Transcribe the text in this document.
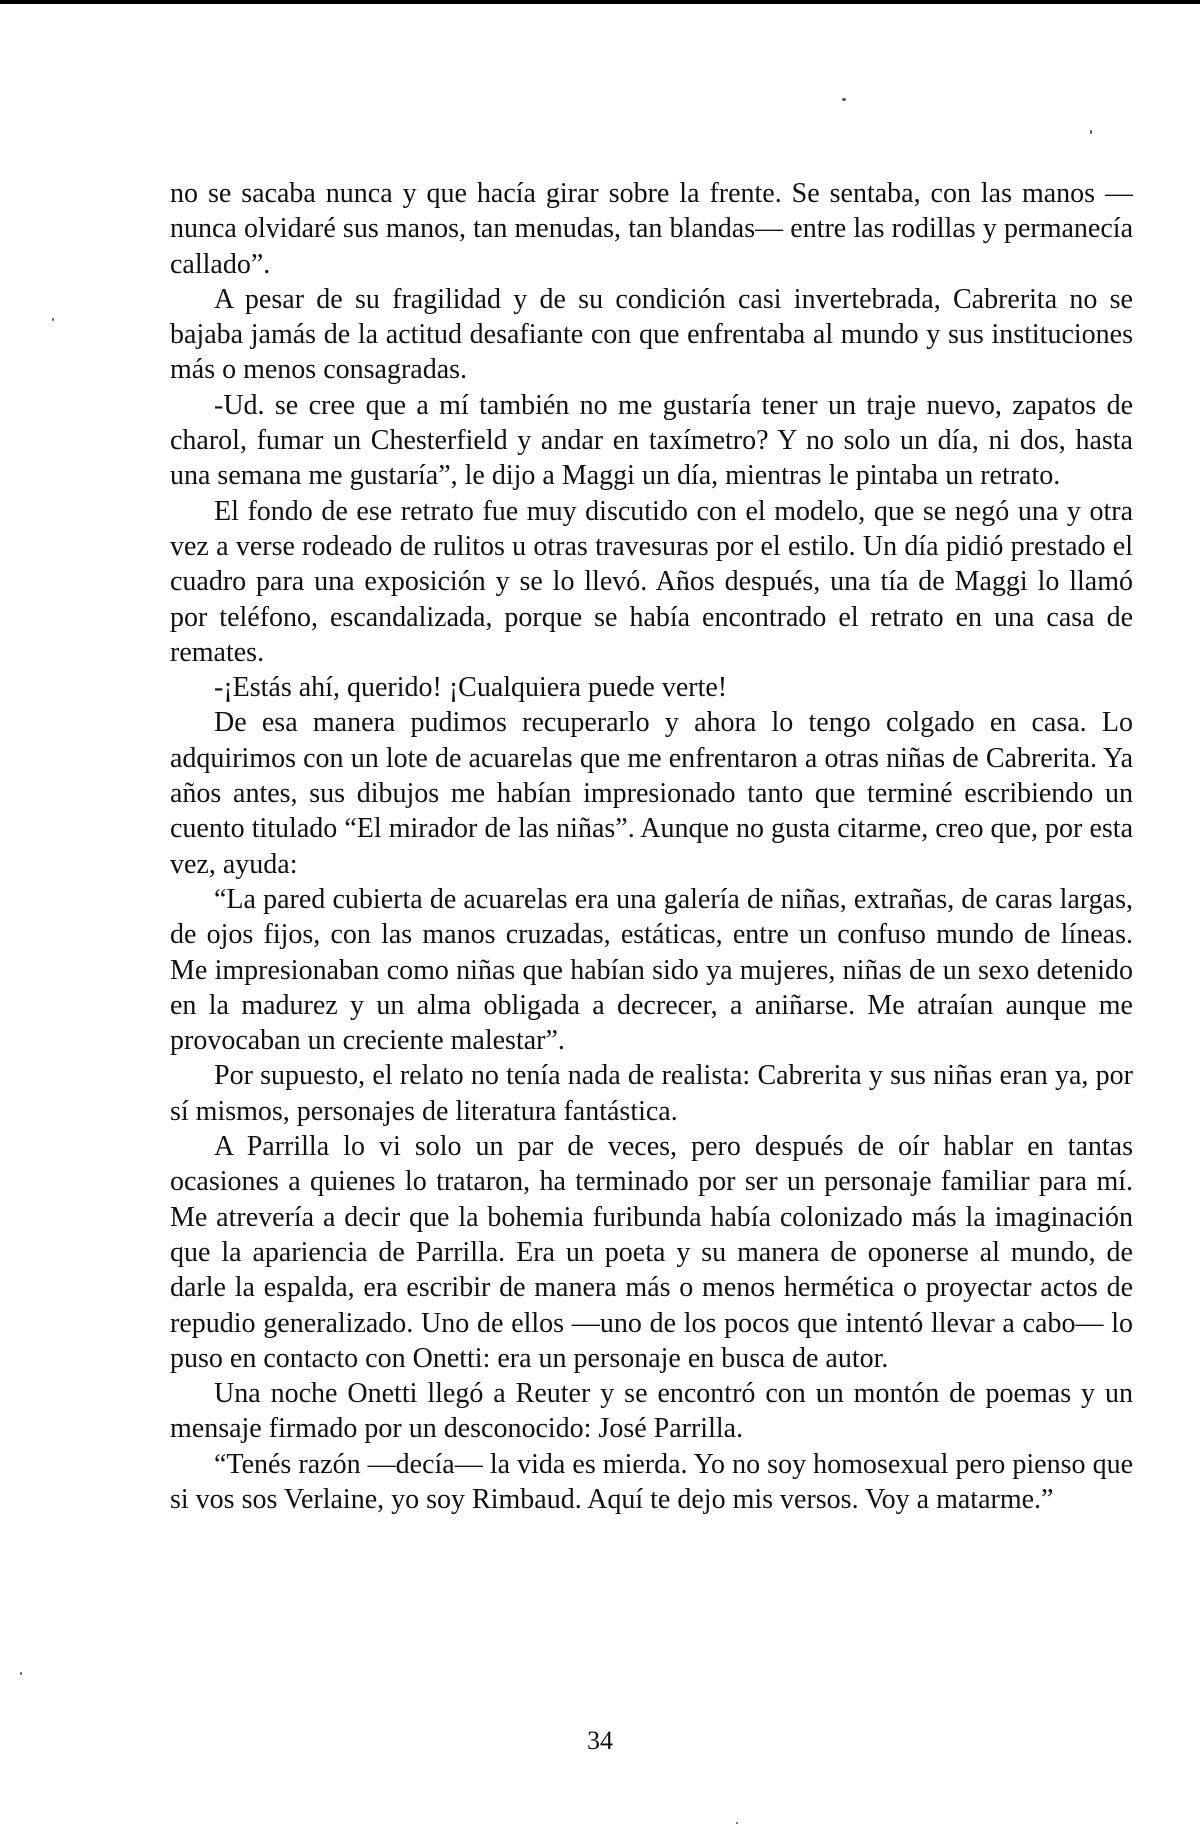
no se sacaba nunca y que hacía girar sobre la frente. Se sentaba, con las manos —nunca olvidaré sus manos, tan menudas, tan blandas— entre las rodillas y permanecía callado”.

A pesar de su fragilidad y de su condición casi invertebrada, Cabrerita no se bajaba jamás de la actitud desafiante con que enfrentaba al mundo y sus instituciones más o menos consagradas.

-Ud. se cree que a mí también no me gustaría tener un traje nuevo, zapatos de charol, fumar un Chesterfield y andar en taxímetro? Y no solo un día, ni dos, hasta una semana me gustaría”, le dijo a Maggi un día, mientras le pintaba un retrato.

El fondo de ese retrato fue muy discutido con el modelo, que se negó una y otra vez a verse rodeado de rulitos u otras travesuras por el estilo. Un día pidió prestado el cuadro para una exposición y se lo llevó. Años después, una tía de Maggi lo llamó por teléfono, escandalizada, porque se había encontrado el retrato en una casa de remates.

-¡Estás ahí, querido! ¡Cualquiera puede verte!

De esa manera pudimos recuperarlo y ahora lo tengo colgado en casa. Lo adquirimos con un lote de acuarelas que me enfrentaron a otras niñas de Cabrerita. Ya años antes, sus dibujos me habían impresionado tanto que terminé escribiendo un cuento titulado “El mirador de las niñas”. Aunque no gusta citarme, creo que, por esta vez, ayuda:

“La pared cubierta de acuarelas era una galería de niñas, extrañas, de caras largas, de ojos fijos, con las manos cruzadas, estáticas, entre un confuso mundo de líneas. Me impresionaban como niñas que habían sido ya mujeres, niñas de un sexo detenido en la madurez y un alma obligada a decrecer, a aniñarse. Me atraían aunque me provocaban un creciente malestar”.

Por supuesto, el relato no tenía nada de realista: Cabrerita y sus niñas eran ya, por sí mismos, personajes de literatura fantástica.

A Parrilla lo vi solo un par de veces, pero después de oír hablar en tantas ocasiones a quienes lo trataron, ha terminado por ser un personaje familiar para mí. Me atrevería a decir que la bohemia furibunda había colonizado más la imaginación que la apariencia de Parrilla. Era un poeta y su manera de oponerse al mundo, de darle la espalda, era escribir de manera más o menos hermética o proyectar actos de repudio generalizado. Uno de ellos —uno de los pocos que intentó llevar a cabo— lo puso en contacto con Onetti: era un personaje en busca de autor.

Una noche Onetti llegó a Reuter y se encontró con un montón de poemas y un mensaje firmado por un desconocido: José Parrilla.

“Tenés razón —decía— la vida es mierda. Yo no soy homosexual pero pienso que si vos sos Verlaine, yo soy Rimbaud. Aquí te dejo mis versos. Voy a matarme.”

34
